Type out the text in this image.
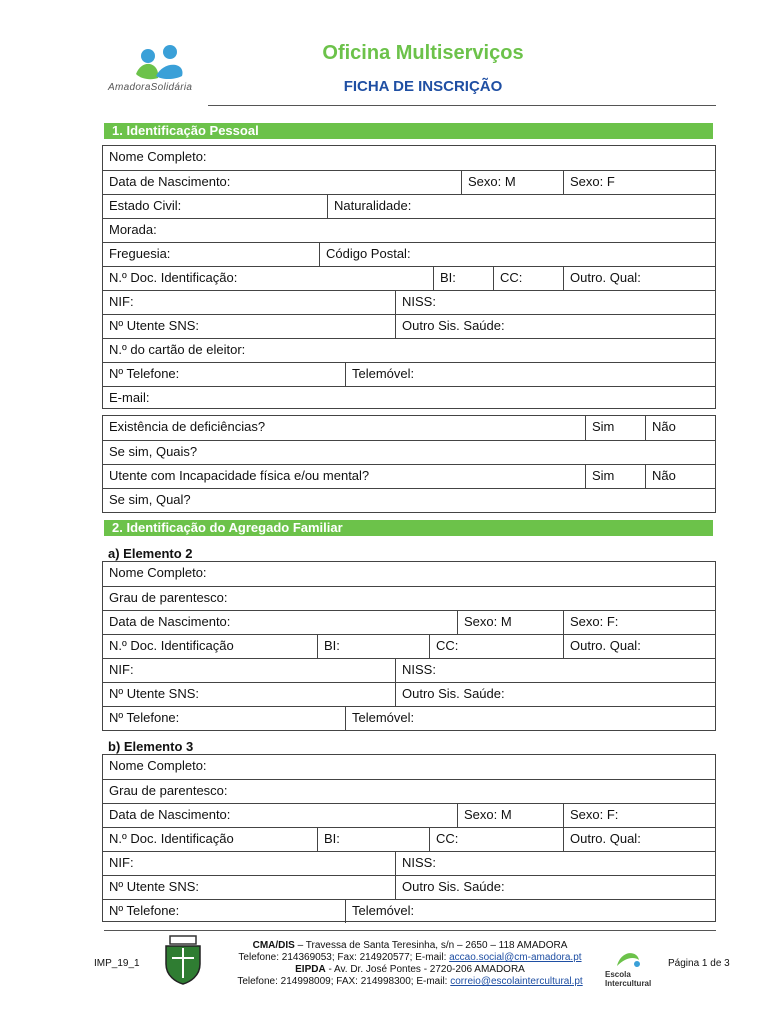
AmadoraSolidária
Oficina Multiserviços
FICHA DE INSCRIÇÃO
1. Identificação Pessoal
Nome Completo:
Data de Nascimento:	Sexo: M	Sexo: F
Estado Civil:	Naturalidade:
Morada:
Freguesia:	Código Postal:
N.º Doc. Identificação:	BI:	CC:	Outro. Qual:
NIF:	NISS:
Nº Utente SNS:	Outro Sis. Saúde:
N.º do cartão de eleitor:
Nº Telefone:	Telemóvel:
E-mail:
Existência de deficiências?	Sim	Não
Se sim, Quais?
Utente com Incapacidade física e/ou mental?	Sim	Não
Se sim, Qual?
2. Identificação do Agregado Familiar
a) Elemento 2
Nome Completo:
Grau de parentesco:
Data de Nascimento:	Sexo: M	Sexo: F:
N.º Doc. Identificação	BI:	CC:	Outro. Qual:
NIF:	NISS:
Nº Utente SNS:	Outro Sis. Saúde:
Nº Telefone:	Telemóvel:
b) Elemento 3
Nome Completo:
Grau de parentesco:
Data de Nascimento:	Sexo: M	Sexo: F:
N.º Doc. Identificação	BI:	CC:	Outro. Qual:
NIF:	NISS:
Nº Utente SNS:	Outro Sis. Saúde:
Nº Telefone:	Telemóvel:
IMP_19_1
CMA/DIS – Travessa de Santa Teresinha, s/n – 2650 – 118 AMADORA
Telefone: 214369053; Fax: 214920577; E-mail: accao.social@cm-amadora.pt
EIPDA - Av. Dr. José Pontes - 2720-206 AMADORA
Telefone: 214998009; FAX: 214998300; E-mail: correio@escolaintercultural.pt
Escola
Intercultural
Página 1 de 3
